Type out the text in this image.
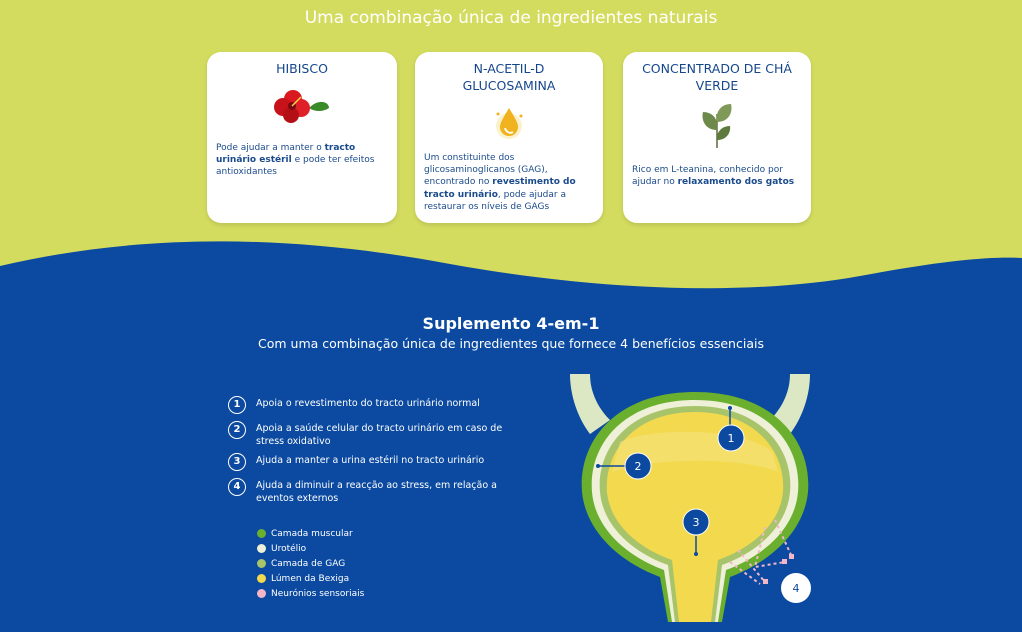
Uma combinação única de ingredientes naturais
HIBISCO
Pode ajudar a manter o tracto urinário estéril e pode ter efeitos antioxidantes
N-ACETIL-D GLUCOSAMINA
Um constituinte dos glicosaminoglicanos (GAG), encontrado no revestimento do tracto urinário, pode ajudar a restaurar os níveis de GAGs
CONCENTRADO DE CHÁ VERDE
Rico em L-teanina, conhecido por ajudar no relaxamento dos gatos
Suplemento 4-em-1
Com uma combinação única de ingredientes que fornece 4 benefícios essenciais
1	Apoia o revestimento do tracto urinário normal
2	Apoia a saúde celular do tracto urinário em caso de stress oxidativo
3	Ajuda a manter a urina estéril no tracto urinário
4	Ajuda a diminuir a reacção ao stress, em relação a eventos externos
Camada muscular
Urotélio
Camada de GAG
Lúmen da Bexiga
Neurónios sensoriais
1
2
3
4
